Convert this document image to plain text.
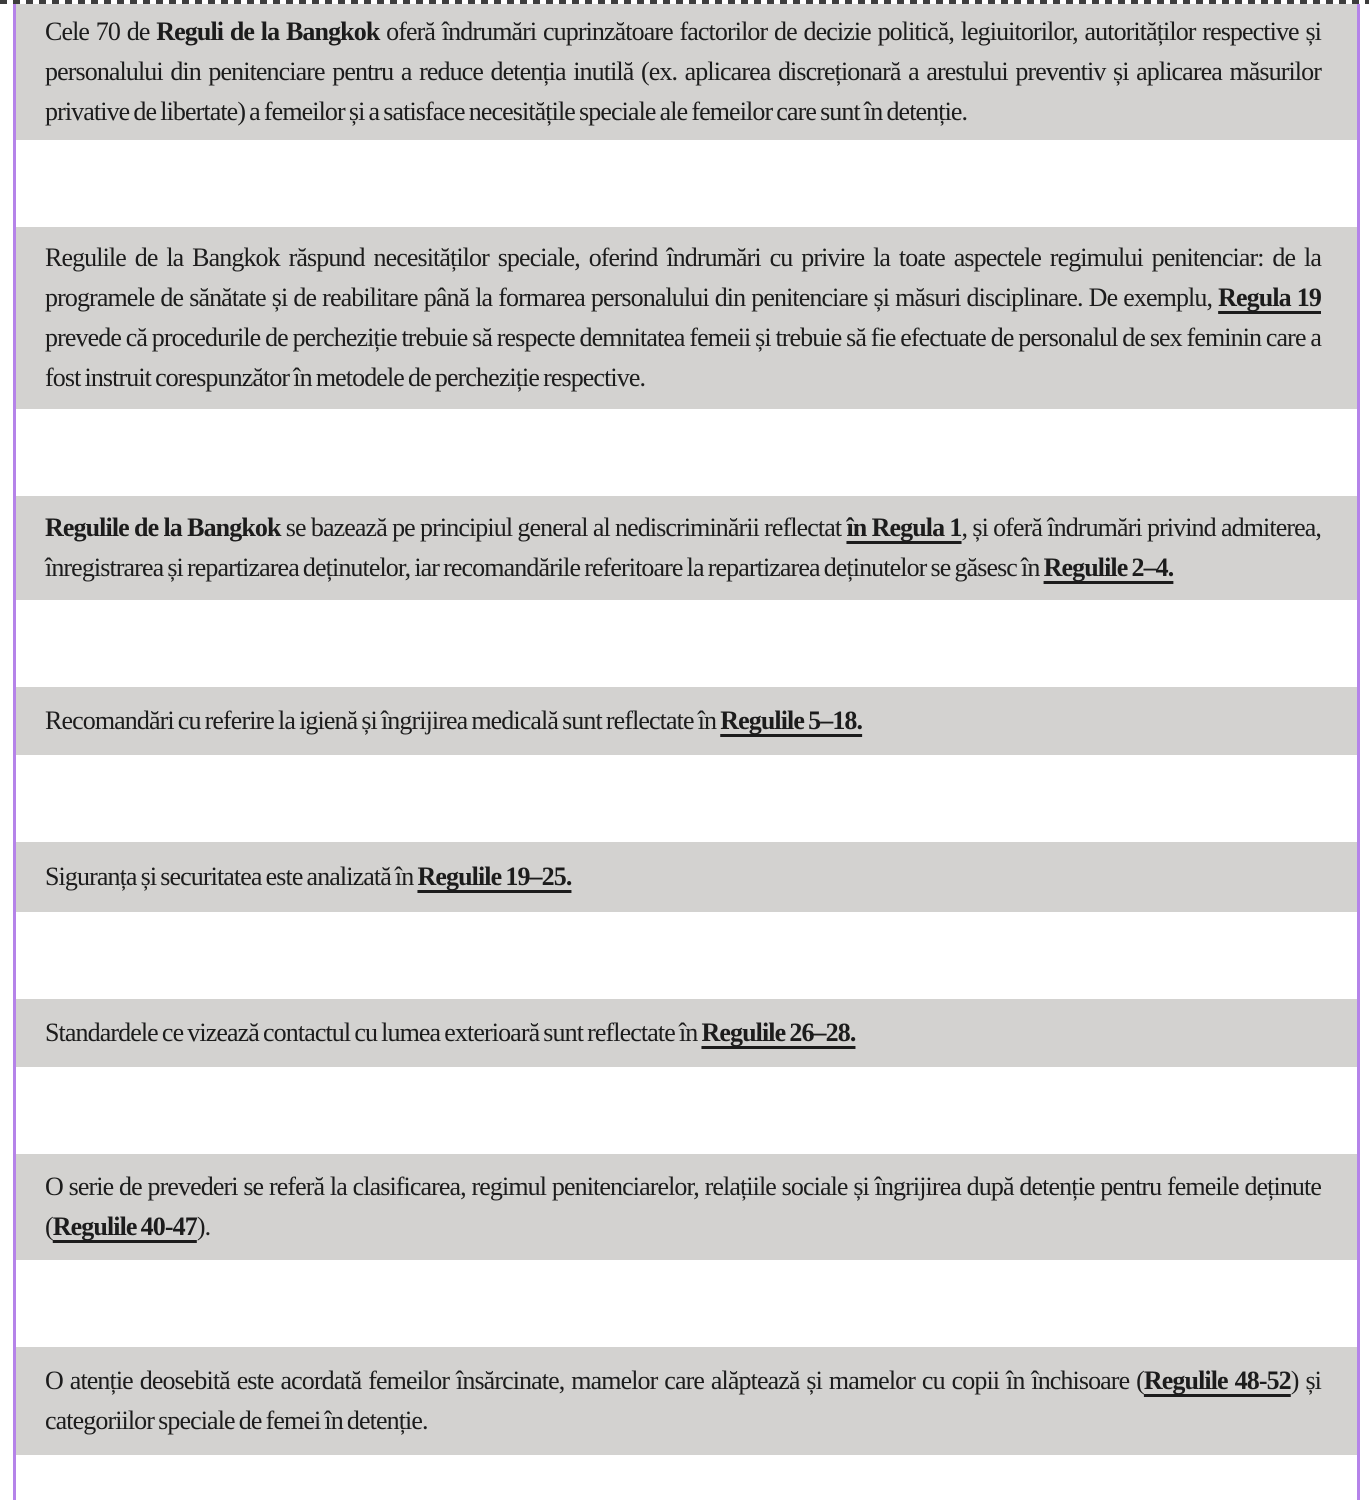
Cele 70 de Reguli de la Bangkok oferă îndrumări cuprinzătoare factorilor de decizie politică, legiuitorilor, autorităților respective și personalului din penitenciare pentru a reduce detenția inutilă (ex. aplicarea discreționară a arestului preventiv și aplicarea măsurilor privative de libertate) a femeilor și a satisface necesitățile speciale ale femeilor care sunt în detenție.
Regulile de la Bangkok răspund necesităților speciale, oferind îndrumări cu privire la toate aspectele regimului penitenciar: de la programele de sănătate și de reabilitare până la formarea personalului din penitenciare și măsuri disciplinare. De exemplu, Regula 19 prevede că procedurile de percheziție trebuie să respecte demnitatea femeii și trebuie să fie efectuate de personalul de sex feminin care a fost instruit corespunzător în metodele de percheziție respective.
Regulile de la Bangkok se bazează pe principiul general al nediscriminării reflectat în Regula 1, și oferă îndrumări privind admiterea, înregistrarea și repartizarea deținutelor, iar recomandările referitoare la repartizarea deținutelor se găsesc în Regulile 2–4.
Recomandări cu referire la igienă și îngrijirea medicală sunt reflectate în Regulile 5–18.
Siguranța și securitatea este analizată în Regulile 19–25.
Standardele ce vizează contactul cu lumea exterioară sunt reflectate în Regulile 26–28.
O serie de prevederi se referă la clasificarea, regimul penitenciarelor, relațiile sociale și îngrijirea după detenție pentru femeile deținute (Regulile 40-47).
O atenție deosebită este acordată femeilor însărcinate, mamelor care alăptează și mamelor cu copii în închisoare (Regulile 48-52) și categoriilor speciale de femei în detenție.
